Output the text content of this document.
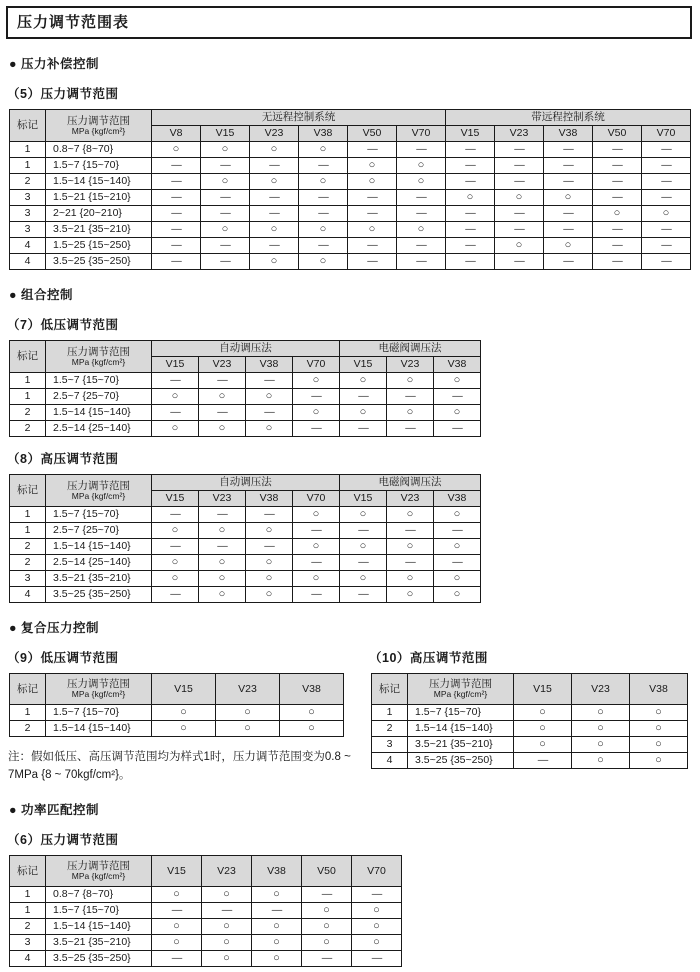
压力调节范围表
● 压力补偿控制
（5）压力调节范围
标记	压力调节范围
MPa {kgf/cm²}	无远程控制系统						带远程控制系统				
		V8	V15	V23	V38	V50	V70	V15	V23	V38	V50	V70
1	0.8~7 {8~70}	○	○	○	○	—	—	—	—	—	—	—
1	1.5~7 {15~70}	—	—	—	—	○	○	—	—	—	—	—
2	1.5~14 {15~140}	—	○	○	○	○	○	—	—	—	—	—
3	1.5~21 {15~210}	—	—	—	—	—	—	○	○	○	—	—
3	2~21 {20~210}	—	—	—	—	—	—	—	—	—	○	○
3	3.5~21 {35~210}	—	○	○	○	○	○	—	—	—	—	—
4	1.5~25 {15~250}	—	—	—	—	—	—	—	○	○	—	—
4	3.5~25 {35~250}	—	—	○	○	—	—	—	—	—	—	—
● 组合控制
（7）低压调节范围
标记	压力调节范围
MPa {kgf/cm²}	自动调压法				电磁阀调压法		
		V15	V23	V38	V70	V15	V23	V38
1	1.5~7 {15~70}	—	—	—	○	○	○	○
1	2.5~7 {25~70}	○	○	○	—	—	—	—
2	1.5~14 {15~140}	—	—	—	○	○	○	○
2	2.5~14 {25~140}	○	○	○	—	—	—	—
（8）高压调节范围
标记	压力调节范围
MPa {kgf/cm²}	自动调压法				电磁阀调压法		
		V15	V23	V38	V70	V15	V23	V38
1	1.5~7 {15~70}	—	—	—	○	○	○	○
1	2.5~7 {25~70}	○	○	○	—	—	—	—
2	1.5~14 {15~140}	—	—	—	○	○	○	○
2	2.5~14 {25~140}	○	○	○	—	—	—	—
3	3.5~21 {35~210}	○	○	○	○	○	○	○
4	3.5~25 {35~250}	—	○	○	—	—	○	○
● 复合压力控制
（9）低压调节范围
标记	压力调节范围
MPa {kgf/cm²}	V15	V23	V38
1	1.5~7 {15~70}	○	○	○
2	1.5~14 {15~140}	○	○	○
注：假如低压、高压调节范围均为样式1时，压力调节范围变为0.8 ~ 7MPa {8 ~ 70kgf/cm²}。
（10）高压调节范围
标记	压力调节范围
MPa {kgf/cm²}	V15	V23	V38
1	1.5~7 {15~70}	○	○	○
2	1.5~14 {15~140}	○	○	○
3	3.5~21 {35~210}	○	○	○
4	3.5~25 {35~250}	—	○	○
● 功率匹配控制
（6）压力调节范围
标记	压力调节范围
MPa {kgf/cm²}	V15	V23	V38	V50	V70
1	0.8~7 {8~70}	○	○	○	—	—
1	1.5~7 {15~70}	—	—	—	○	○
2	1.5~14 {15~140}	○	○	○	○	○
3	3.5~21 {35~210}	○	○	○	○	○
4	3.5~25 {35~250}	—	○	○	—	—
